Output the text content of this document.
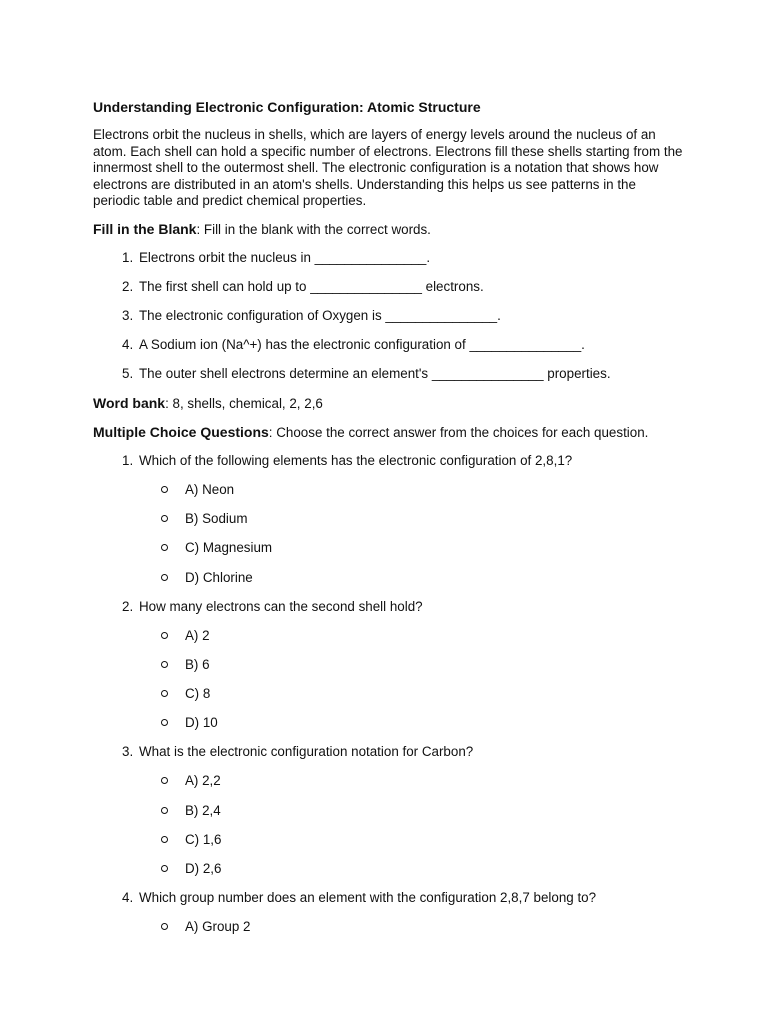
Understanding Electronic Configuration: Atomic Structure

Electrons orbit the nucleus in shells, which are layers of energy levels around the nucleus of an atom. Each shell can hold a specific number of electrons. Electrons fill these shells starting from the innermost shell to the outermost shell. The electronic configuration is a notation that shows how electrons are distributed in an atom's shells. Understanding this helps us see patterns in the periodic table and predict chemical properties.

Fill in the Blank: Fill in the blank with the correct words.
1. Electrons orbit the nucleus in _______________.
2. The first shell can hold up to _______________ electrons.
3. The electronic configuration of Oxygen is _______________.
4. A Sodium ion (Na^+) has the electronic configuration of _______________.
5. The outer shell electrons determine an element's _______________ properties.
Word bank: 8, shells, chemical, 2, 2,6
Multiple Choice Questions: Choose the correct answer from the choices for each question.
1. Which of the following elements has the electronic configuration of 2,8,1?
A) Neon
B) Sodium
C) Magnesium
D) Chlorine
2. How many electrons can the second shell hold?
A) 2
B) 6
C) 8
D) 10
3. What is the electronic configuration notation for Carbon?
A) 2,2
B) 2,4
C) 1,6
D) 2,6
4. Which group number does an element with the configuration 2,8,7 belong to?
A) Group 2
